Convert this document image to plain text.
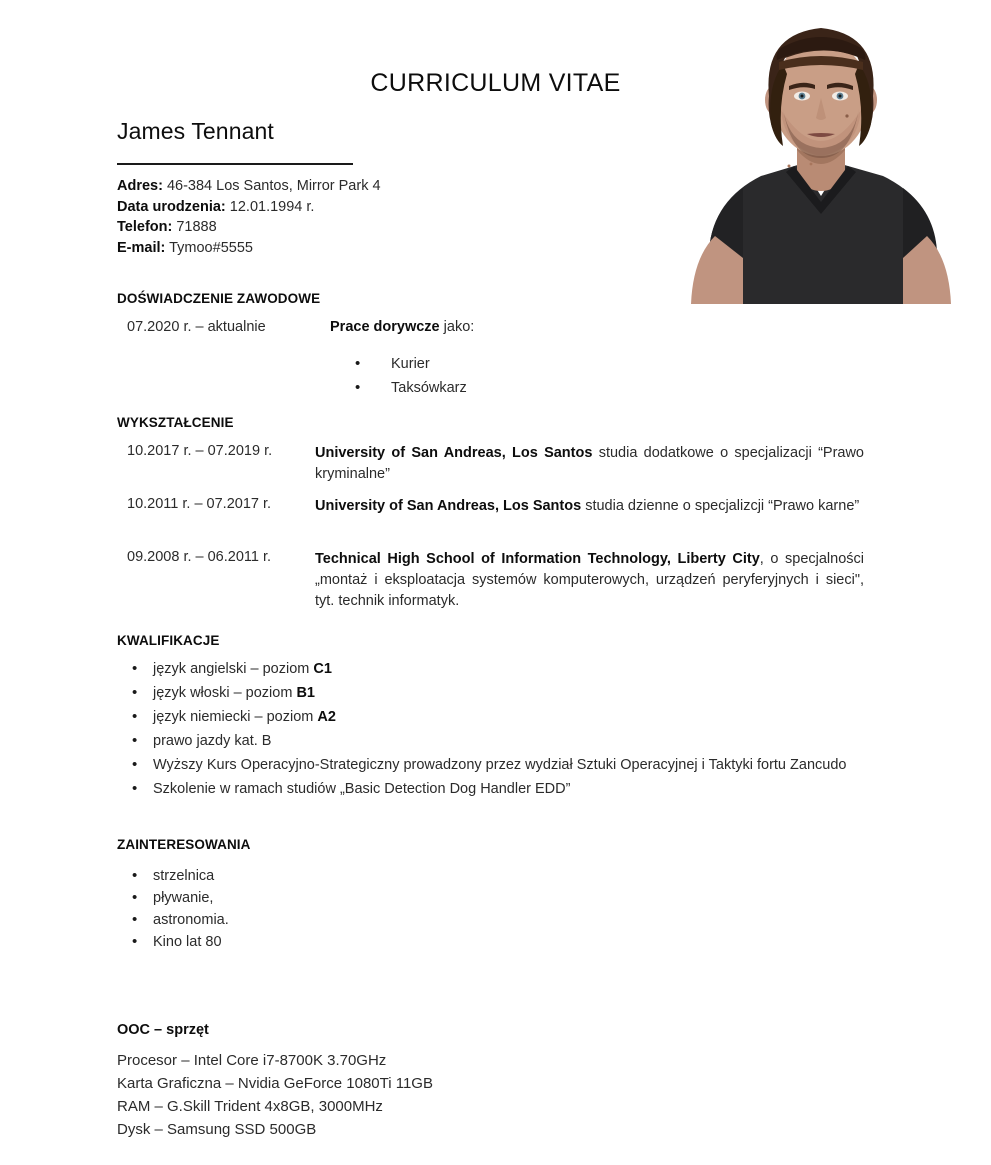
CURRICULUM VITAE
James Tennant
Adres: 46-384 Los Santos, Mirror Park 4
Data urodzenia: 12.01.1994 r.
Telefon: 71888
E-mail: Tymoo#5555
DOŚWIADCZENIE ZAWODOWE
07.2020 r. – aktualnie	Prace dorywcze jako:
• Kurier
• Taksówkarz
WYKSZTAŁCENIE
10.2017 r. – 07.2019 r.	University of San Andreas, Los Santos studia dodatkowe o specjalizacji “Prawo kryminalne”
10.2011 r. – 07.2017 r.	University of San Andreas, Los Santos studia dzienne o specjalizcji “Prawo karne”
09.2008 r. – 06.2011 r.	Technical High School of Information Technology, Liberty City, o specjalności „montaż i eksploatacja systemów komputerowych, urządzeń peryferyjnych i sieci", tyt. technik informatyk.
KWALIFIKACJE
• język angielski – poziom C1
• język włoski – poziom B1
• język niemiecki – poziom A2
• prawo jazdy kat. B
• Wyższy Kurs Operacyjno-Strategiczny prowadzony przez wydział Sztuki Operacyjnej i Taktyki fortu Zancudo
• Szkolenie w ramach studiów „Basic Detection Dog Handler EDD”
ZAINTERESOWANIA
• strzelnica
• pływanie,
• astronomia.
• Kino lat 80
OOC – sprzęt
Procesor – Intel Core i7-8700K 3.70GHz
Karta Graficzna – Nvidia GeForce 1080Ti 11GB
RAM – G.Skill Trident 4x8GB, 3000MHz
Dysk – Samsung SSD 500GB
